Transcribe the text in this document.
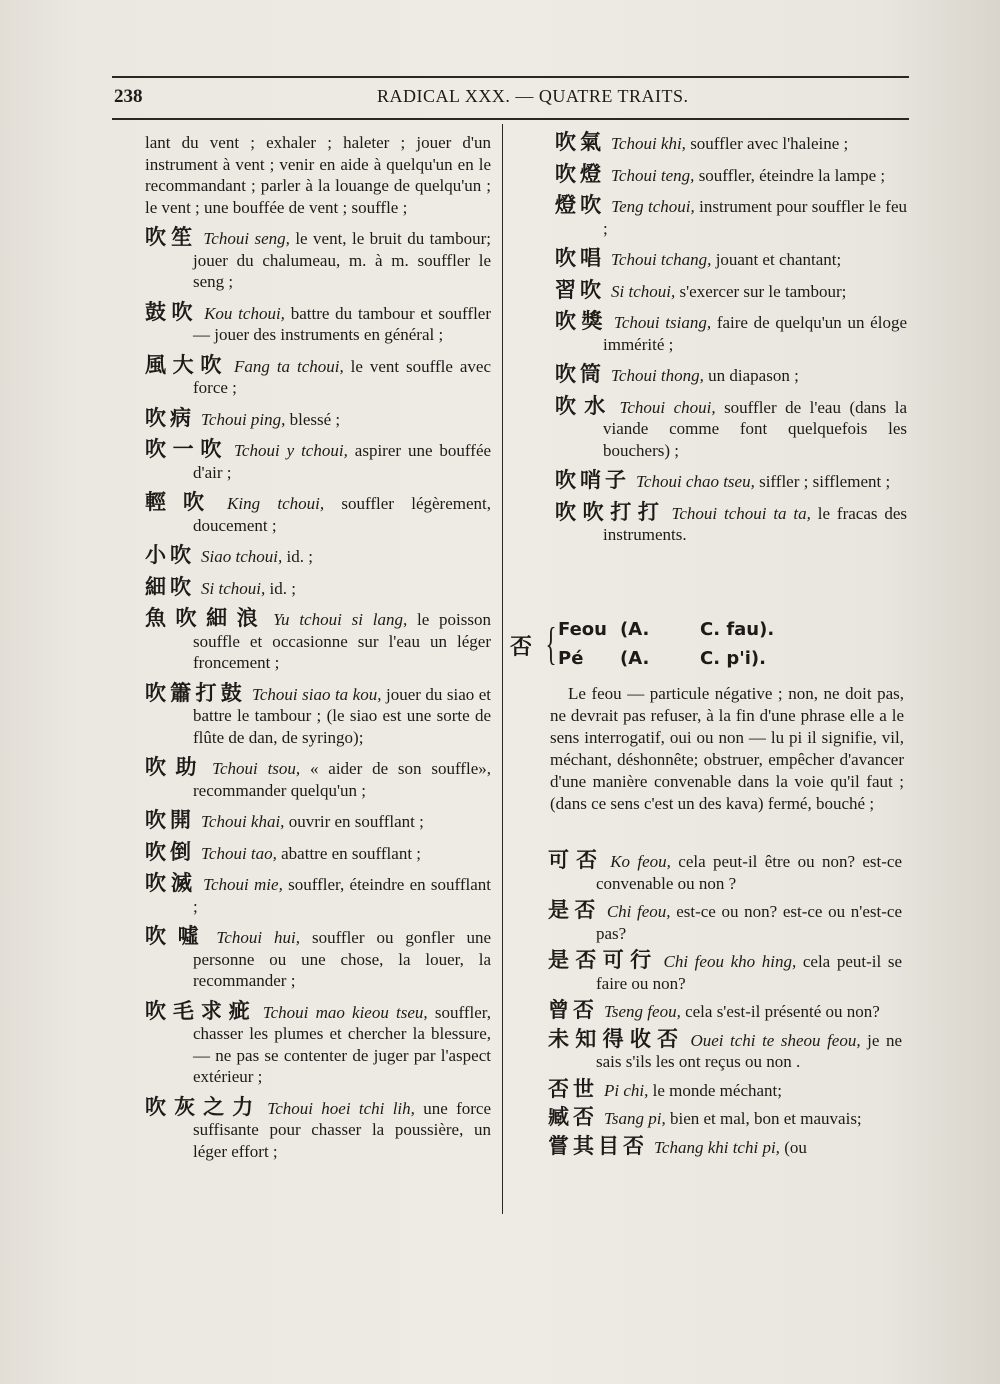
238	RADICAL XXX. — QUATRE TRAITS.
lant du vent ; exhaler ; haleter ; jouer d'un instrument à vent ; venir en aide à quelqu'un en le recommandant ; parler à la louange de quelqu'un ; le vent ; une bouffée de vent ; souffle ;
吹笙 Tchoui seng, le vent, le bruit du tambour; jouer du chalumeau, m. à m. souffler le seng ;
鼓吹 Kou tchoui, battre du tambour et souffler — jouer des instruments en général ;
風大吹 Fang ta tchoui, le vent souffle avec force ;
吹病 Tchoui ping, blessé ;
吹一吹 Tchoui y tchoui, aspirer une bouffée d'air ;
輕吹 King tchoui, souffler légèrement, doucement ;
小吹 Siao tchoui, id. ;
細吹 Si tchoui, id. ;
魚吹細浪 Yu tchoui si lang, le poisson souffle et occasionne sur l'eau un léger froncement ;
吹簫打鼓 Tchoui siao ta kou, jouer du siao et battre le tambour ; (le siao est une sorte de flûte de dan, de syringo);
吹助 Tchoui tsou, « aider de son souffle», recommander quelqu'un ;
吹開 Tchoui khai, ouvrir en soufflant ;
吹倒 Tchoui tao, abattre en soufflant ;
吹滅 Tchoui mie, souffler, éteindre en soufflant ;
吹噓 Tchoui hui, souffler ou gonfler une personne ou une chose, la louer, la recommander ;
吹毛求疵 Tchoui mao kieou tseu, souffler, chasser les plumes et chercher la blessure, — ne pas se contenter de juger par l'aspect extérieur ;
吹灰之力 Tchoui hoei tchi lih, une force suffisante pour chasser la poussière, un léger effort ;
吹氣 Tchoui khi, souffler avec l'haleine ;
吹燈 Tchoui teng, souffler, éteindre la lampe ;
燈吹 Teng tchoui, instrument pour souffler le feu ;
吹唱 Tchoui tchang, jouant et chantant;
習吹 Si tchoui, s'exercer sur le tambour;
吹獎 Tchoui tsiang, faire de quelqu'un un éloge immérité ;
吹筒 Tchoui thong, un diapason ;
吹水 Tchoui choui, souffler de l'eau (dans la viande comme font quelquefois les bouchers) ;
吹哨子 Tchoui chao tseu, siffler ; sifflement ;
吹吹打打 Tchoui tchoui ta ta, le fracas des instruments.
否 { Feou (A.	C. fau).
Pé (A.	C. p'i).
Le feou — particule négative ; non, ne doit pas, ne devrait pas refuser, à la fin d'une phrase elle a le sens interrogatif, oui ou non — lu pi il signifie, vil, méchant, déshonnête; obstruer, empêcher d'avancer d'une manière convenable dans la voie qu'il faut ; (dans ce sens c'est un des kava) fermé, bouché ;
可否 Ko feou, cela peut-il être ou non? est-ce convenable ou non ?
是否 Chi feou, est-ce ou non? est-ce ou n'est-ce pas?
是否可行 Chi feou kho hing, cela peut-il se faire ou non?
曾否 Tseng feou, cela s'est-il présenté ou non?
未知得收否 Ouei tchi te sheou feou, je ne sais s'ils les ont reçus ou non .
否世 Pi chi, le monde méchant;
臧否 Tsang pi, bien et mal, bon et mauvais;
嘗其目否 Tchang khi tchi pi, (ou
